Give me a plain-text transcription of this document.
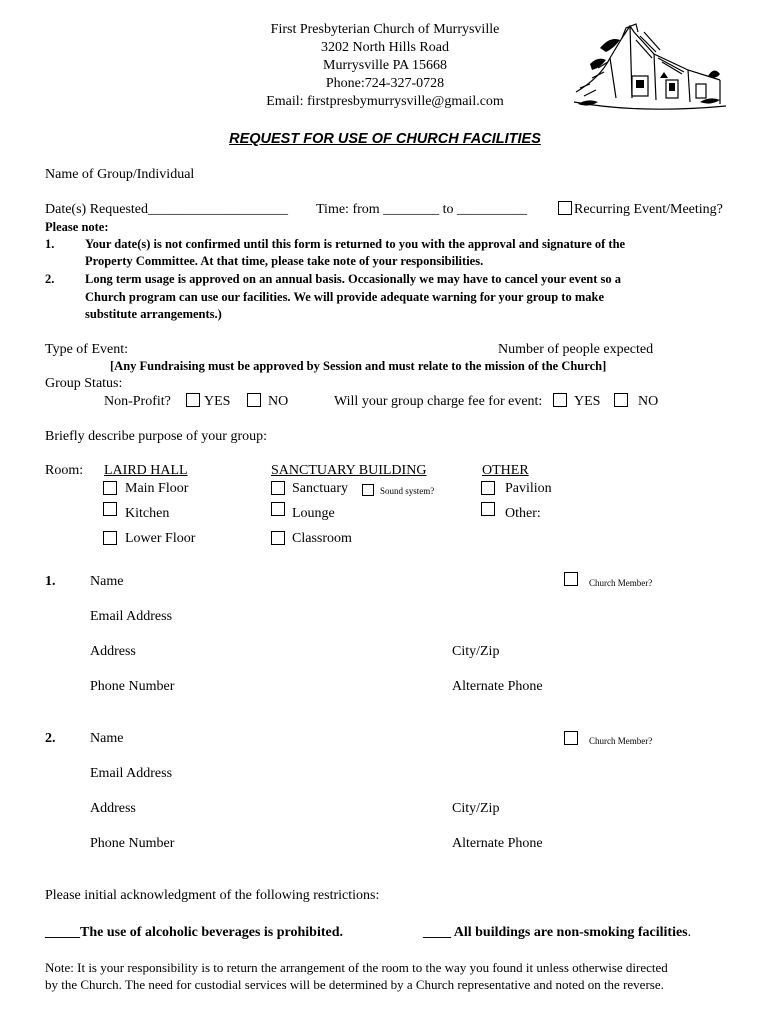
First Presbyterian Church of Murrysville
3202 North Hills Road
Murrysville PA 15668
Phone:724-327-0728
Email: firstpresbymurrysville@gmail.com
REQUEST FOR USE OF CHURCH FACILITIES
Name of Group/Individual
Date(s) Requested____________________ Time: from ________ to __________	Recurring Event/Meeting?
Please note:
1. Your date(s) is not confirmed until this form is returned to you with the approval and signature of the
Property Committee. At that time, please take note of your responsibilities.
2. Long term usage is approved on an annual basis. Occasionally we may have to cancel your event so a
Church program can use our facilities. We will provide adequate warning for your group to make
substitute arrangements.)
Type of Event:	Number of people expected
[Any Fundraising must be approved by Session and must relate to the mission of the Church]
Group Status:
Non-Profit? YES	NO	Will your group charge fee for event: YES	NO
Briefly describe purpose of your group:
Room: LAIRD HALL	SANCTUARY BUILDING	OTHER
Main Floor	Sanctuary	Sound system?	Pavilion
Kitchen	Lounge	Other:
Lower Floor	Classroom
1. Name	Church Member?
Email Address
Address	City/Zip
Phone Number	Alternate Phone
2. Name	Church Member?
Email Address
Address	City/Zip
Phone Number	Alternate Phone
Please initial acknowledgment of the following restrictions:
_____The use of alcoholic beverages is prohibited.	____ All buildings are non-smoking facilities.
Note: It is your responsibility is to return the arrangement of the room to the way you found it unless otherwise directed
by the Church. The need for custodial services will be determined by a Church representative and noted on the reverse.
